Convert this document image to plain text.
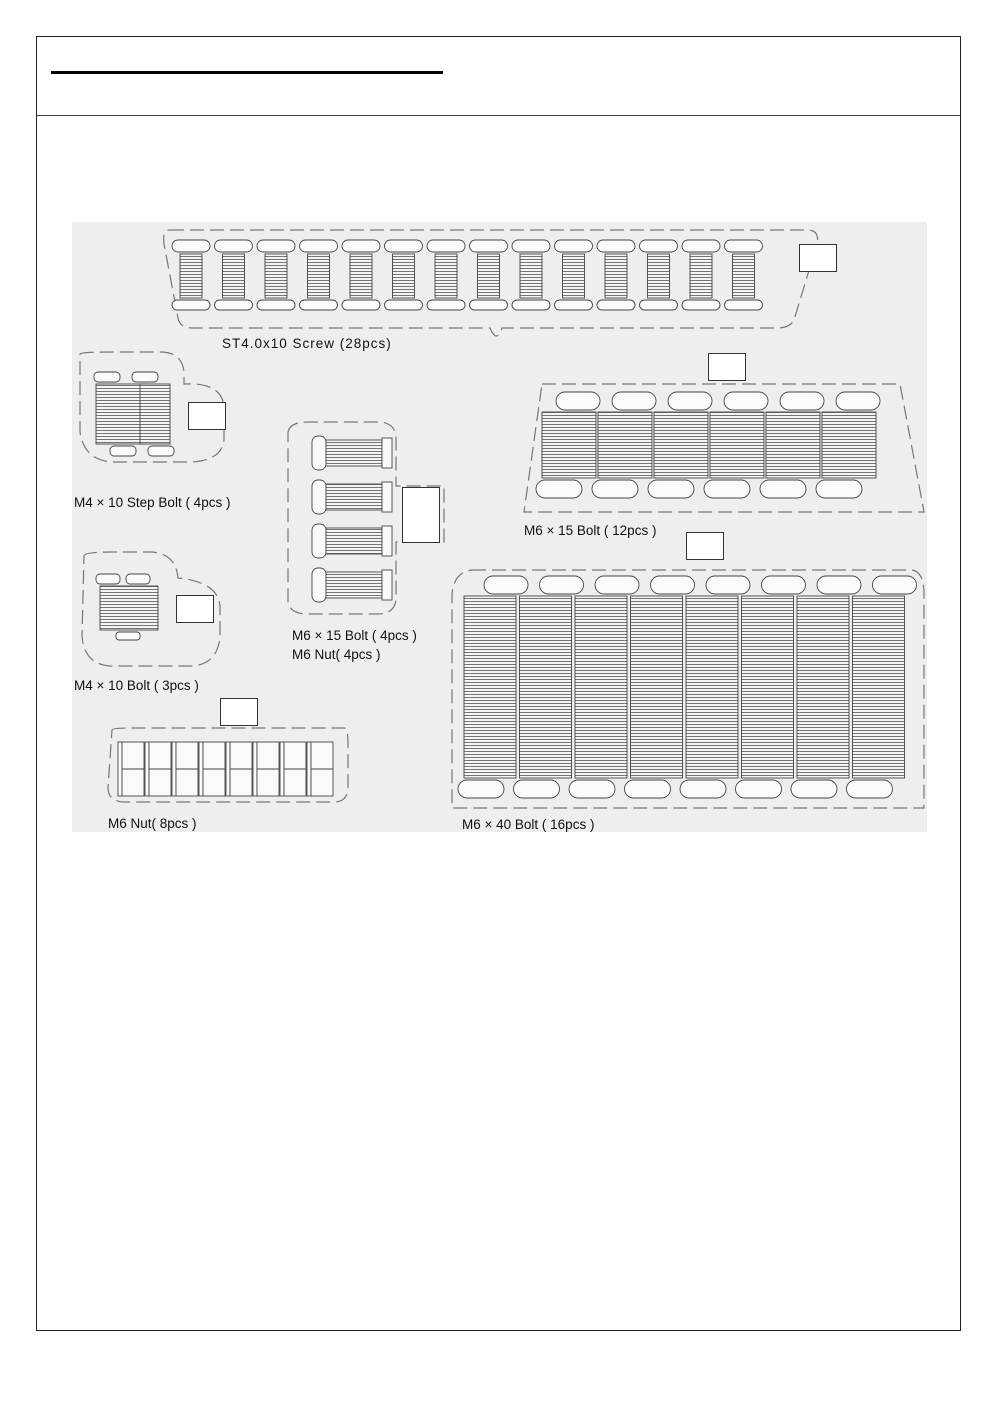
ST4.0x10 Screw (28pcs)
M4 × 10 Step Bolt ( 4pcs )
M4 × 10 Bolt ( 3pcs )
M6 Nut( 8pcs )
M6 × 15 Bolt ( 4pcs )
M6 Nut( 4pcs )
M6 × 15 Bolt ( 12pcs )
M6 × 40 Bolt ( 16pcs )
